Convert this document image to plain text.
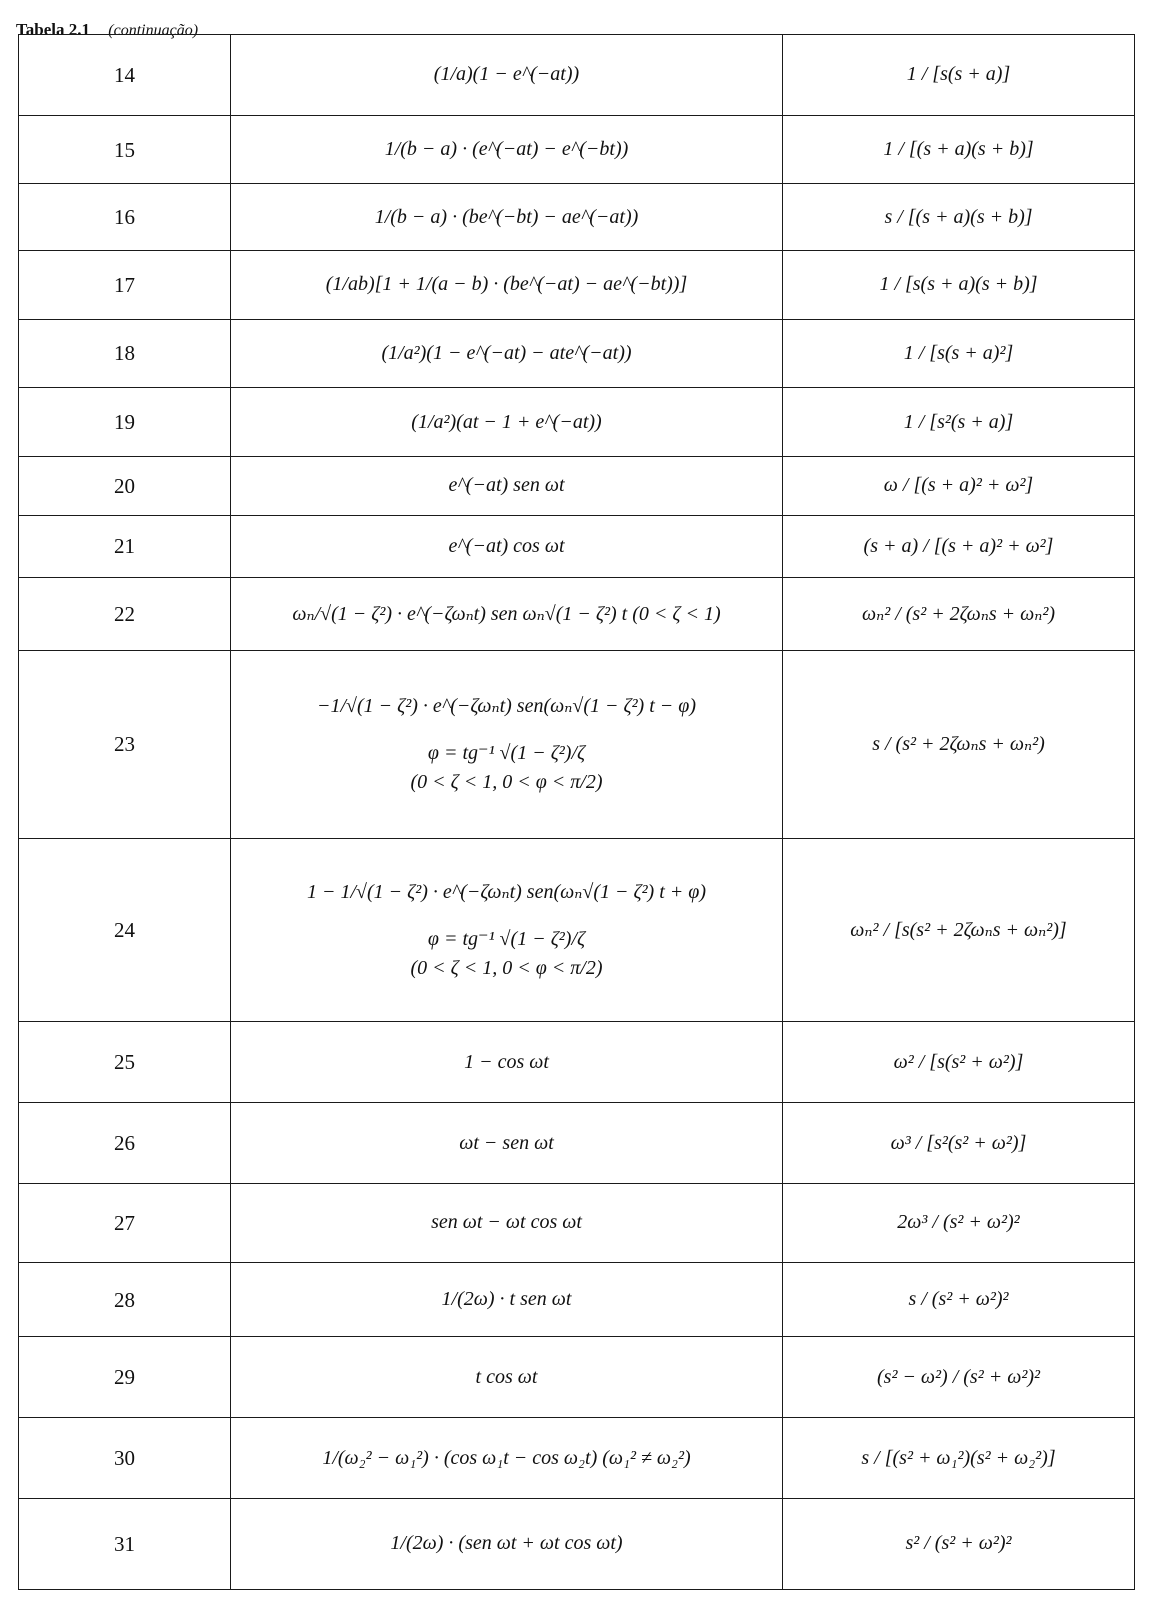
Tabela 2.1 (continuação)
14	(1/a)(1 − e^(−at))	1 / [s(s + a)]
15	1/(b − a) · (e^(−at) − e^(−bt))	1 / [(s + a)(s + b)]
16	1/(b − a) · (be^(−bt) − ae^(−at))	s / [(s + a)(s + b)]
17	(1/ab)[1 + 1/(a − b) · (be^(−at) − ae^(−bt))]	1 / [s(s + a)(s + b)]
18	(1/a²)(1 − e^(−at) − ate^(−at))	1 / [s(s + a)²]
19	(1/a²)(at − 1 + e^(−at))	1 / [s²(s + a)]
20	e^(−at) sen ωt	ω / [(s + a)² + ω²]
21	e^(−at) cos ωt	(s + a) / [(s + a)² + ω²]
22	ωₙ/√(1 − ζ²) · e^(−ζωₙt) sen ωₙ√(1 − ζ²) t (0 < ζ < 1)	ωₙ² / (s² + 2ζωₙs + ωₙ²)
23	−1/√(1 − ζ²) · e^(−ζωₙt) sen(ωₙ√(1 − ζ²) t − φ)
φ = tg⁻¹ √(1 − ζ²)/ζ
(0 < ζ < 1, 0 < φ < π/2)	s / (s² + 2ζωₙs + ωₙ²)
24	1 − 1/√(1 − ζ²) · e^(−ζωₙt) sen(ωₙ√(1 − ζ²) t + φ)
φ = tg⁻¹ √(1 − ζ²)/ζ
(0 < ζ < 1, 0 < φ < π/2)	ωₙ² / [s(s² + 2ζωₙs + ωₙ²)]
25	1 − cos ωt	ω² / [s(s² + ω²)]
26	ωt − sen ωt	ω³ / [s²(s² + ω²)]
27	sen ωt − ωt cos ωt	2ω³ / (s² + ω²)²
28	1/(2ω) · t sen ωt	s / (s² + ω²)²
29	t cos ωt	(s² − ω²) / (s² + ω²)²
30	1/(ω₂² − ω₁²) · (cos ω₁t − cos ω₂t) (ω₁² ≠ ω₂²)	s / [(s² + ω₁²)(s² + ω₂²)]
31	1/(2ω) · (sen ωt + ωt cos ωt)	s² / (s² + ω²)²
